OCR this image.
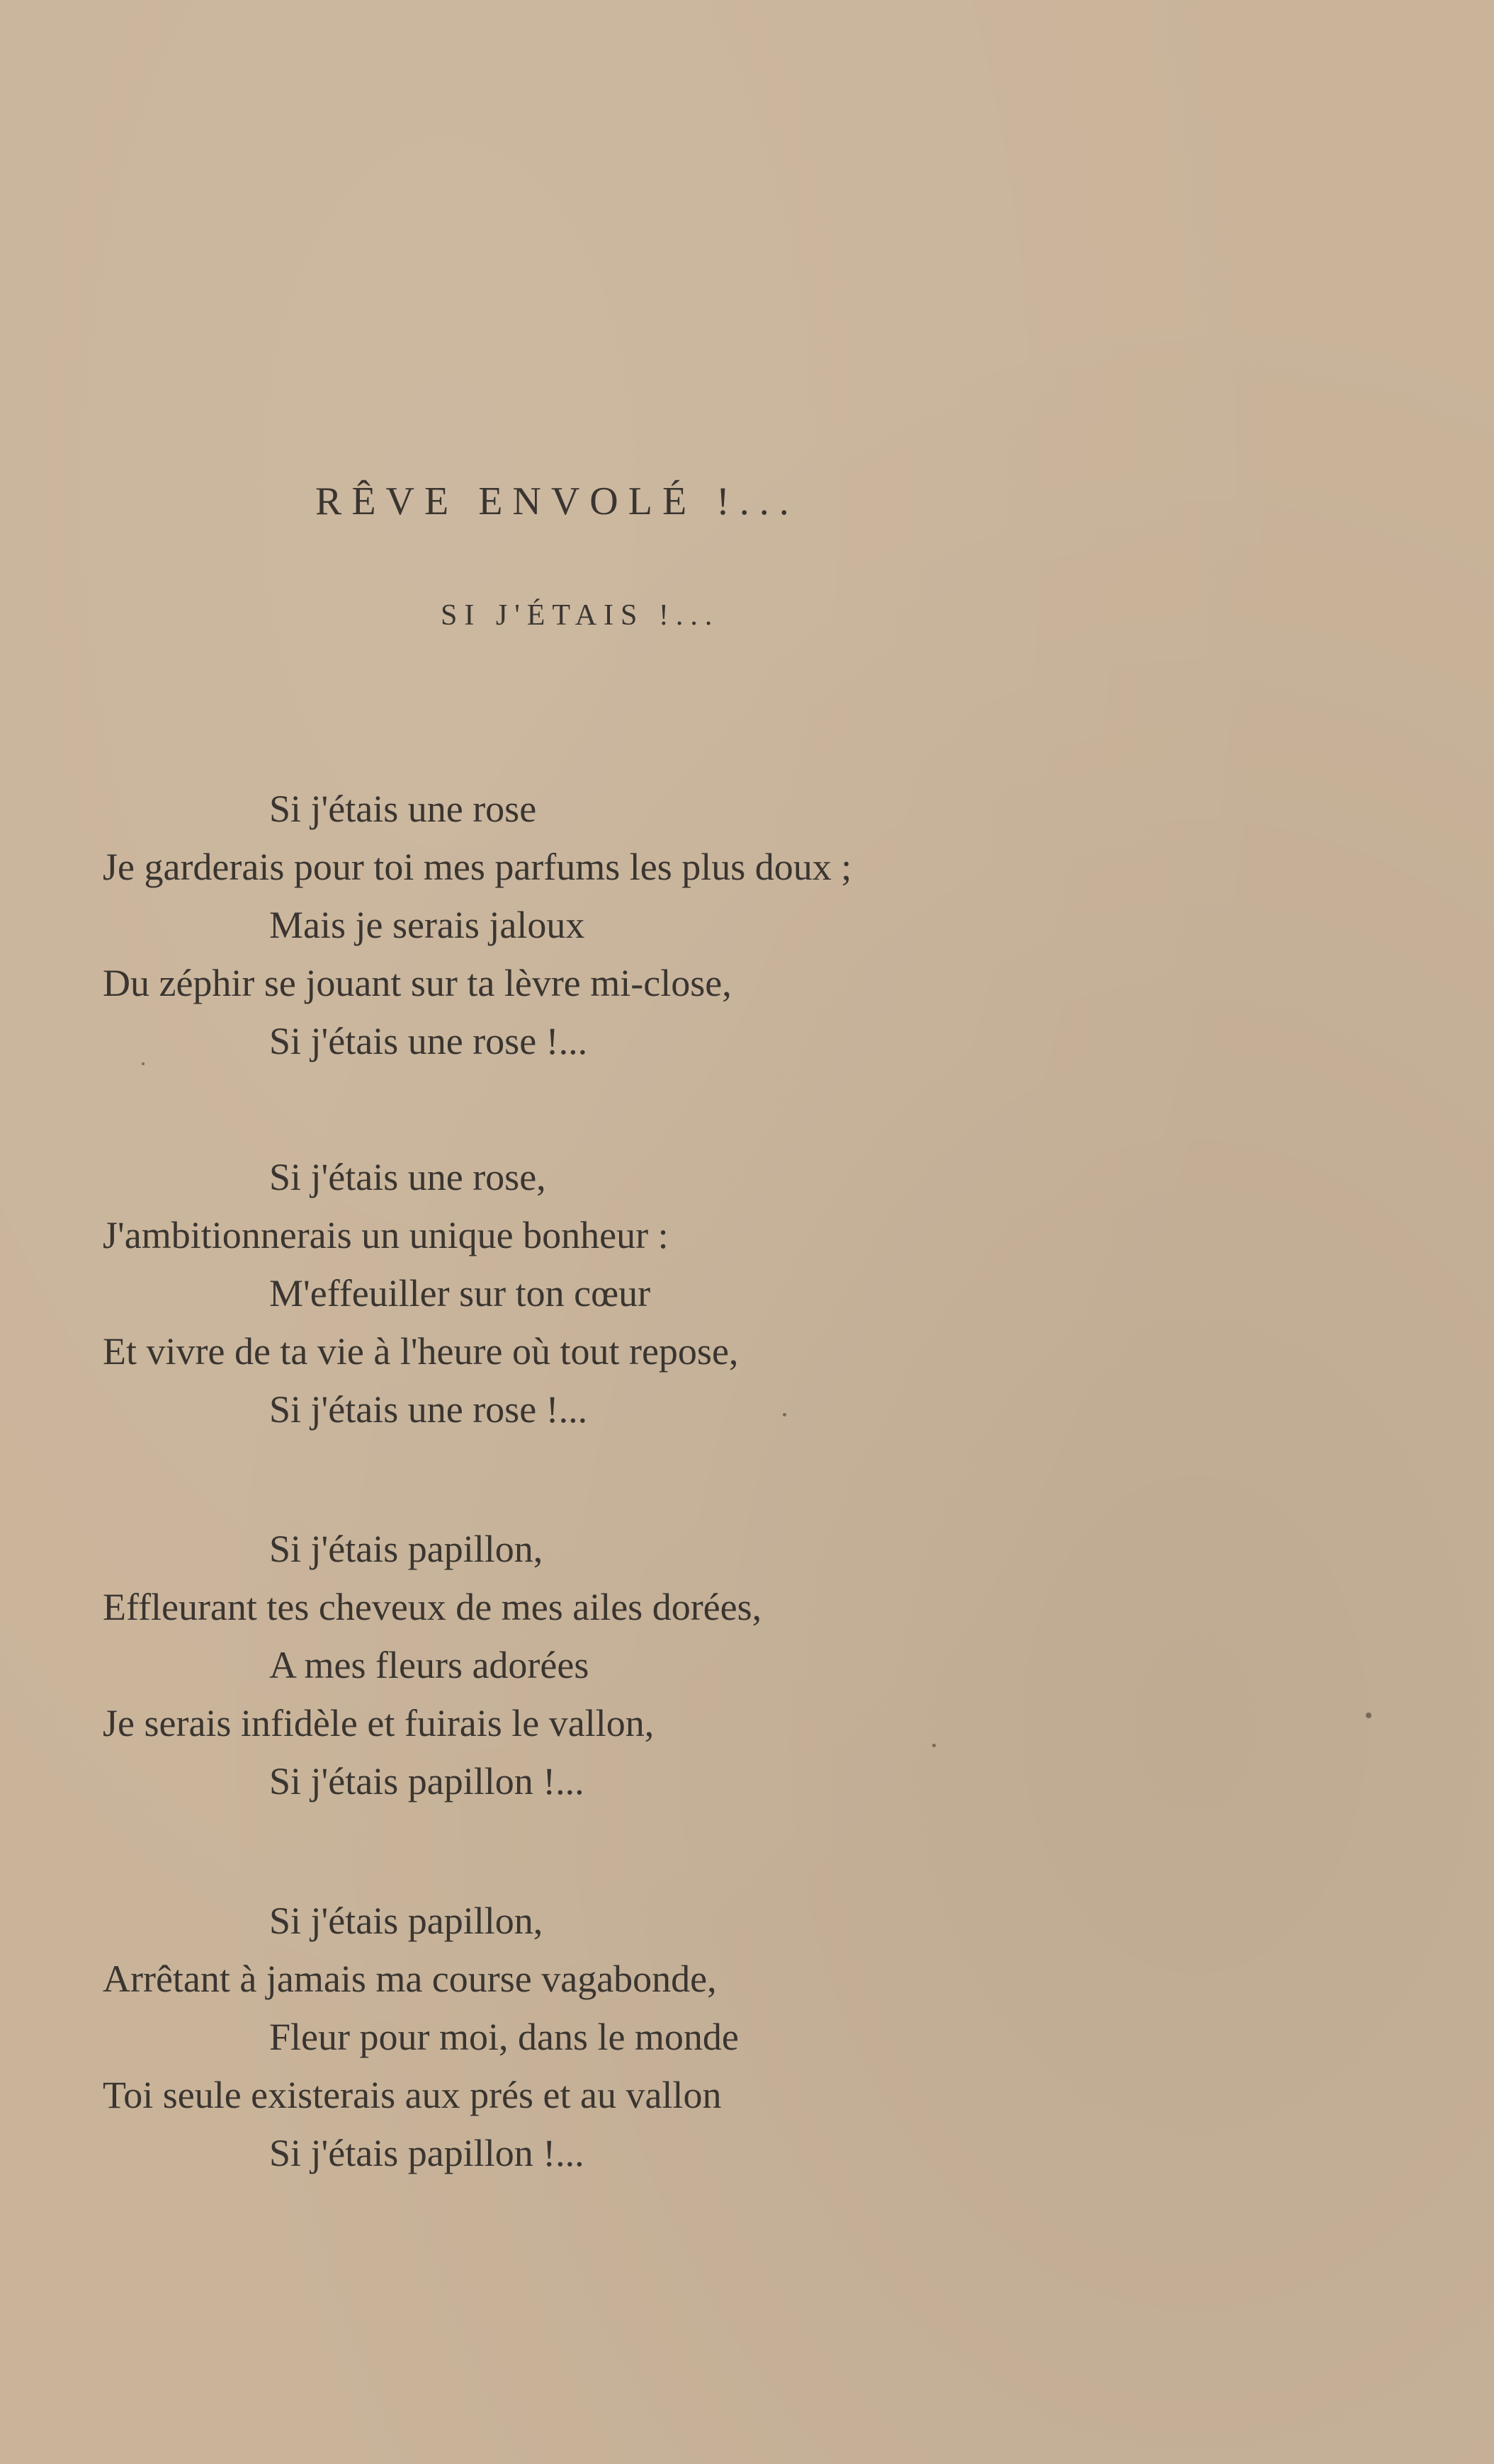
RÊVE ENVOLÉ !...
SI J'ÉTAIS !...
Si j'étais une rose
Je garderais pour toi mes parfums les plus doux ;
Mais je serais jaloux
Du zéphir se jouant sur ta lèvre mi-close,
Si j'étais une rose !...
Si j'étais une rose,
J'ambitionnerais un unique bonheur :
M'effeuiller sur ton cœur
Et vivre de ta vie à l'heure où tout repose,
Si j'étais une rose !...
Si j'étais papillon,
Effleurant tes cheveux de mes ailes dorées,
A mes fleurs adorées
Je serais infidèle et fuirais le vallon,
Si j'étais papillon !...
Si j'étais papillon,
Arrêtant à jamais ma course vagabonde,
Fleur pour moi, dans le monde
Toi seule existerais aux prés et au vallon
Si j'étais papillon !...
